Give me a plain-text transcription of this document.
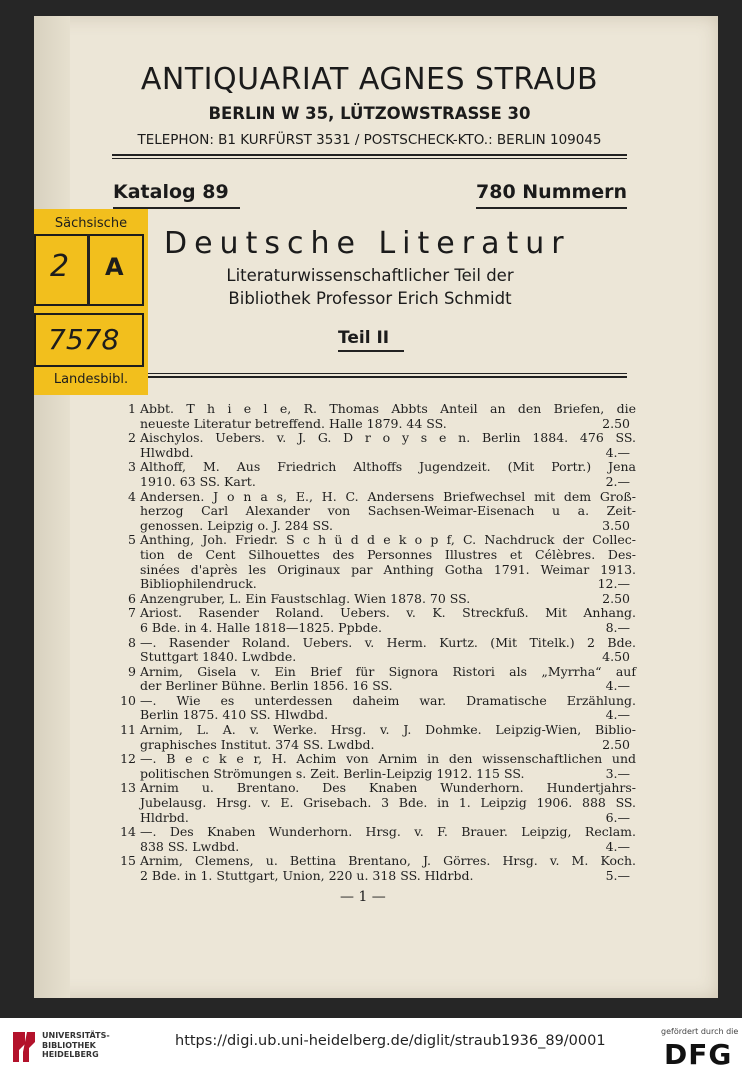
ANTIQUARIAT AGNES STRAUB
BERLIN W 35, LÜTZOWSTRASSE 30
TELEPHON: B1 KURFÜRST 3531 / POSTSCHECK-KTO.: BERLIN 109045
Katalog 89	780 Nummern
Deutsche Literatur
Literaturwissenschaftlicher Teil der
Bibliothek Professor Erich Schmidt
Teil II
Sächsische
2 A
7578
Landesbibl.
1 Abbt. T h i e l e, R. Thomas Abbts Anteil an den Briefen, die
neueste Literatur betreffend. Halle 1879. 44 SS.	2.50
2 Aischylos. Uebers. v. J. G. D r o y s e n. Berlin 1884. 476 SS.
Hlwdbd.	4.—
3 Althoff, M. Aus Friedrich Althoffs Jugendzeit. (Mit Portr.) Jena
1910. 63 SS. Kart.	2.—
4 Andersen. J o n a s, E., H. C. Andersens Briefwechsel mit dem Groß-
herzog Carl Alexander von Sachsen-Weimar-Eisenach u a. Zeit-
genossen. Leipzig o. J. 284 SS.	3.50
5 Anthing, Joh. Friedr. S c h ü d d e k o p f, C. Nachdruck der Collec-
tion de Cent Silhouettes des Personnes Illustres et Célèbres. Des-
sinées d'après les Originaux par Anthing Gotha 1791. Weimar 1913.
Bibliophilendruck.	12.—
6 Anzengruber, L. Ein Faustschlag. Wien 1878. 70 SS.	2.50
7 Ariost. Rasender Roland. Uebers. v. K. Streckfuß. Mit Anhang.
6 Bde. in 4. Halle 1818—1825. Ppbde.	8.—
8 —. Rasender Roland. Uebers. v. Herm. Kurtz. (Mit Titelk.) 2 Bde.
Stuttgart 1840. Lwdbde.	4.50
9 Arnim, Gisela v. Ein Brief für Signora Ristori als „Myrrha“ auf
der Berliner Bühne. Berlin 1856. 16 SS.	4.—
10 —. Wie es unterdessen daheim war. Dramatische Erzählung.
Berlin 1875. 410 SS. Hlwdbd.	4.—
11 Arnim, L. A. v. Werke. Hrsg. v. J. Dohmke. Leipzig-Wien, Biblio-
graphisches Institut. 374 SS. Lwdbd.	2.50
12 —. B e c k e r, H. Achim von Arnim in den wissenschaftlichen und
politischen Strömungen s. Zeit. Berlin-Leipzig 1912. 115 SS.	3.—
13 Arnim u. Brentano. Des Knaben Wunderhorn. Hundertjahrs-
Jubelausg. Hrsg. v. E. Grisebach. 3 Bde. in 1. Leipzig 1906. 888 SS.
Hldrbd.	6.—
14 —. Des Knaben Wunderhorn. Hrsg. v. F. Brauer. Leipzig, Reclam.
838 SS. Lwdbd.	4.—
15 Arnim, Clemens, u. Bettina Brentano, J. Görres. Hrsg. v. M. Koch.
2 Bde. in 1. Stuttgart, Union, 220 u. 318 SS. Hldrbd.	5.—
— 1 —
UNIVERSITÄTS-
BIBLIOTHEK
HEIDELBERG
https://digi.ub.uni-heidelberg.de/diglit/straub1936_89/0001
gefördert durch die
DFG
